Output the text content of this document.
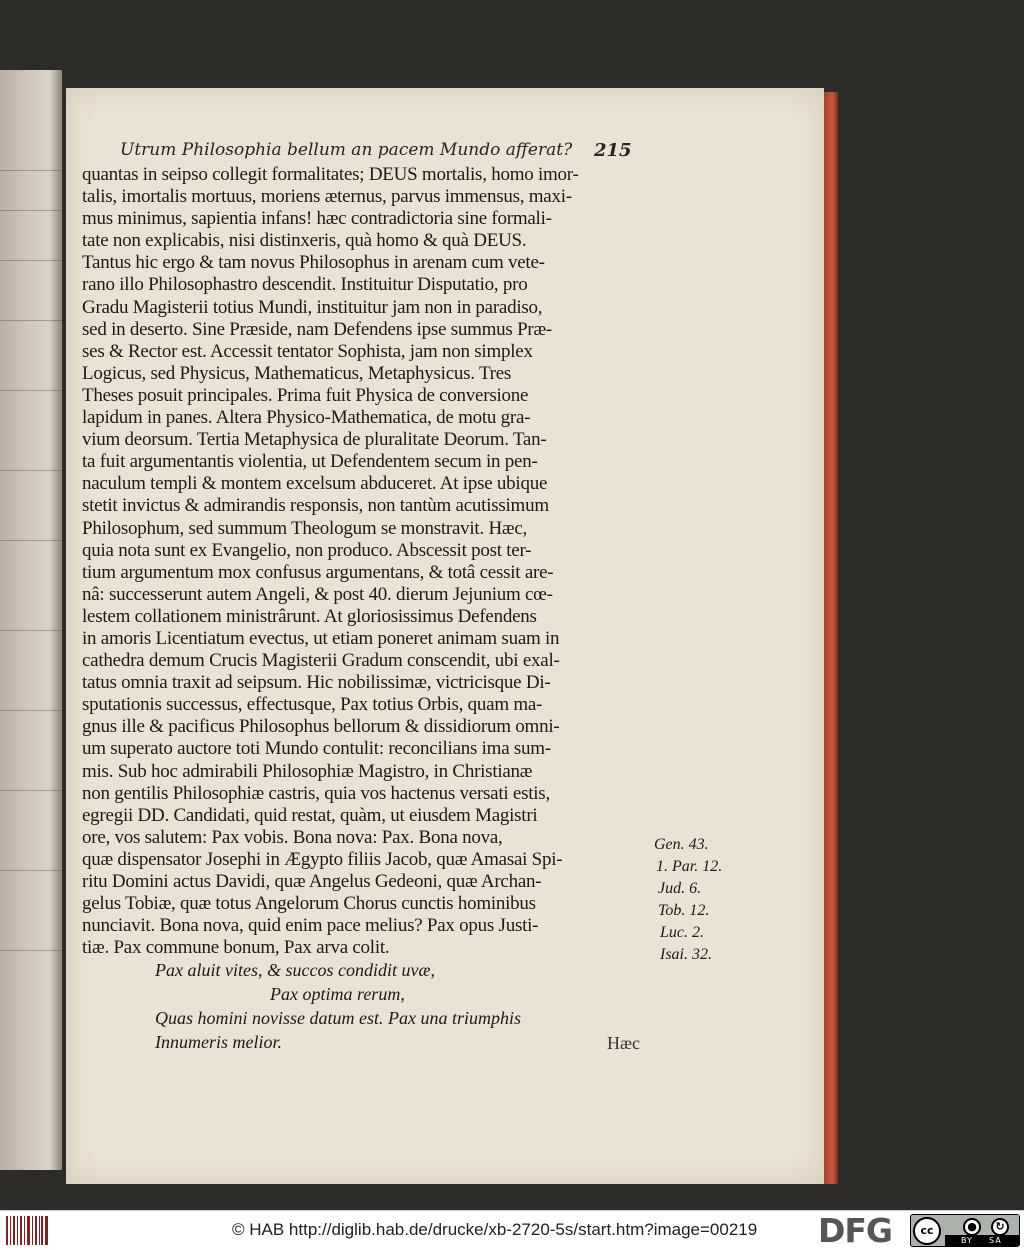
Utrum Philosophia bellum an pacem Mundo afferat?	215
quantas in seipso collegit formalitates; DEUS mortalis, homo imor-
talis, imortalis mortuus, moriens æternus, parvus immensus, maxi-
mus minimus, sapientia infans! hæc contradictoria sine formali-
tate non explicabis, nisi distinxeris, quà homo & quà DEUS.
Tantus hic ergo & tam novus Philosophus in arenam cum vete-
rano illo Philosophastro descendit. Instituitur Disputatio, pro
Gradu Magisterii totius Mundi, instituitur jam non in paradiso,
sed in deserto. Sine Præside, nam Defendens ipse summus Præ-
ses & Rector est. Accessit tentator Sophista, jam non simplex
Logicus, sed Physicus, Mathematicus, Metaphysicus. Tres
Theses posuit principales. Prima fuit Physica de conversione
lapidum in panes. Altera Physico-Mathematica, de motu gra-
vium deorsum. Tertia Metaphysica de pluralitate Deorum. Tan-
ta fuit argumentantis violentia, ut Defendentem secum in pen-
naculum templi & montem excelsum abduceret. At ipse ubique
stetit invictus & admirandis responsis, non tantùm acutissimum
Philosophum, sed summum Theologum se monstravit. Hæc,
quia nota sunt ex Evangelio, non produco. Abscessit post ter-
tium argumentum mox confusus argumentans, & totâ cessit are-
nâ: successerunt autem Angeli, & post 40. dierum Jejunium cœ-
lestem collationem ministrârunt. At gloriosissimus Defendens
in amoris Licentiatum evectus, ut etiam poneret animam suam in
cathedra demum Crucis Magisterii Gradum conscendit, ubi exal-
tatus omnia traxit ad seipsum. Hic nobilissimæ, victricisque Di-
sputationis successus, effectusque, Pax totius Orbis, quam ma-
gnus ille & pacificus Philosophus bellorum & dissidiorum omni-
um superato auctore toti Mundo contulit: reconcilians ima sum-
mis. Sub hoc admirabili Philosophiæ Magistro, in Christianæ
non gentilis Philosophiæ castris, quia vos hactenus versati estis,
egregii DD. Candidati, quid restat, quàm, ut eiusdem Magistri
ore, vos salutem: Pax vobis. Bona nova: Pax. Bona nova,
quæ dispensator Josephi in Ægypto filiis Jacob, quæ Amasai Spi-
ritu Domini actus Davidi, quæ Angelus Gedeoni, quæ Archan-
gelus Tobiæ, quæ totus Angelorum Chorus cunctis hominibus
nunciavit. Bona nova, quid enim pace melius? Pax opus Justi-
tiæ. Pax commune bonum, Pax arva colit.
Pax aluit vites, & succos condidit uvæ,
Pax optima rerum,
Quas homini novisse datum est. Pax una triumphis
Innumeris melior.	Hæc
Gen. 43.
1. Par. 12.
Jud. 6.
Tob. 12.
Luc. 2.
Isai. 32.
© HAB http://diglib.hab.de/drucke/xb-2720-5s/start.htm?image=00219 DFG	cc	●	↻
BY SA
